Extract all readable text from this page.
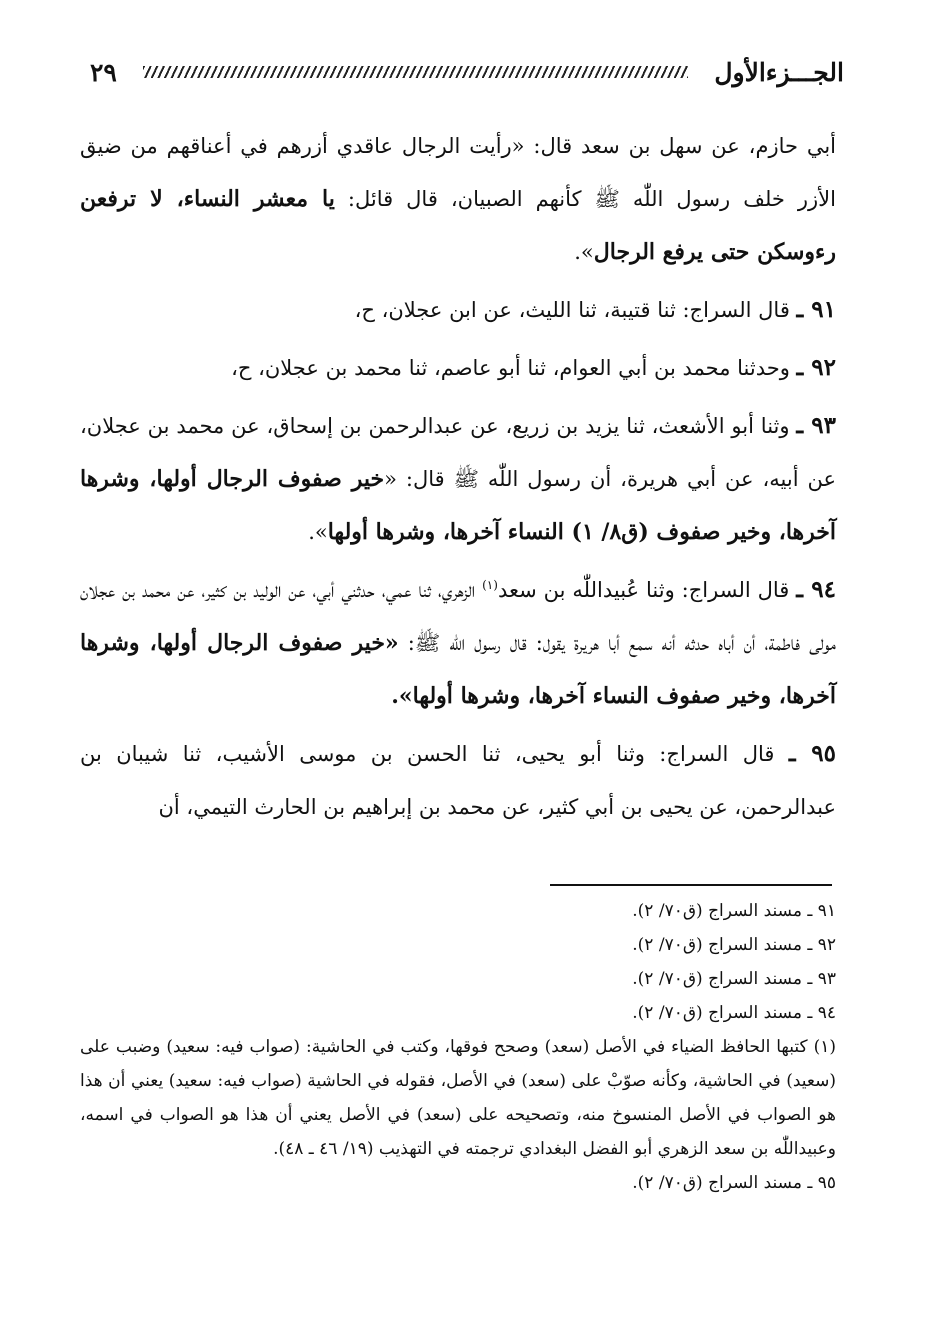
الجـــزءالأول
٢٩

أبي حازم، عن سهل بن سعد قال: «رأيت الرجال عاقدي أزرهم في أعناقهم من ضيق الأزر خلف رسول اللّٰه ﷺ كأنهم الصبيان، قال قائل: يا معشر النساء، لا ترفعن رءوسكن حتى يرفع الرجال».

٩١ ـ قال السراج: ثنا قتيبة، ثنا الليث، عن ابن عجلان، ح،

٩٢ ـ وحدثنا محمد بن أبي العوام، ثنا أبو عاصم، ثنا محمد بن عجلان، ح،

٩٣ ـ وثنا أبو الأشعث، ثنا يزيد بن زريع، عن عبدالرحمن بن إسحاق، عن محمد بن عجلان، عن أبيه، عن أبي هريرة، أن رسول اللّٰه ﷺ قال: «خير صفوف الرجال أولها، وشرها آخرها، وخير صفوف (ق٨/ ١) النساء آخرها، وشرها أولها».

٩٤ ـ قال السراج: وثنا عُبيداللّٰه بن سعد$^{(١)}$ الزهري، ثنا عمي، حدثني أبي، عن الوليد بن كثير، عن محمد بن عجلان مولى فاطمة، أن أباه حدثه أنه سمع أبا هريرة يقول: قال رسول اللّٰه ﷺ: «خير صفوف الرجال أولها، وشرها آخرها، وخير صفوف النساء آخرها، وشرها أولها».

٩٥ ـ قال السراج: وثنا أبو يحيى، ثنا الحسن بن موسى الأشيب، ثنا شيبان بن عبدالرحمن، عن يحيى بن أبي كثير، عن محمد بن إبراهيم بن الحارث التيمي، أن

٩١ ـ مسند السراج (ق٧٠/ ٢).

٩٢ ـ مسند السراج (ق٧٠/ ٢).

٩٣ ـ مسند السراج (ق٧٠/ ٢).

٩٤ ـ مسند السراج (ق٧٠/ ٢).

(١) كتبها الحافظ الضياء في الأصل (سعد) وصحح فوقها، وكتب في الحاشية: (صواب فيه: سعيد) وضبب على (سعيد) في الحاشية، وكأنه صوّبْ على (سعد) في الأصل، فقوله في الحاشية (صواب فيه: سعيد) يعني أن هذا هو الصواب في الأصل المنسوخ منه، وتصحيحه على (سعد) في الأصل يعني أن هذا هو الصواب في اسمه، وعبيداللّٰه بن سعد الزهري أبو الفضل البغدادي ترجمته في التهذيب (١٩/ ٤٦ ـ ٤٨).

٩٥ ـ مسند السراج (ق٧٠/ ٢).
